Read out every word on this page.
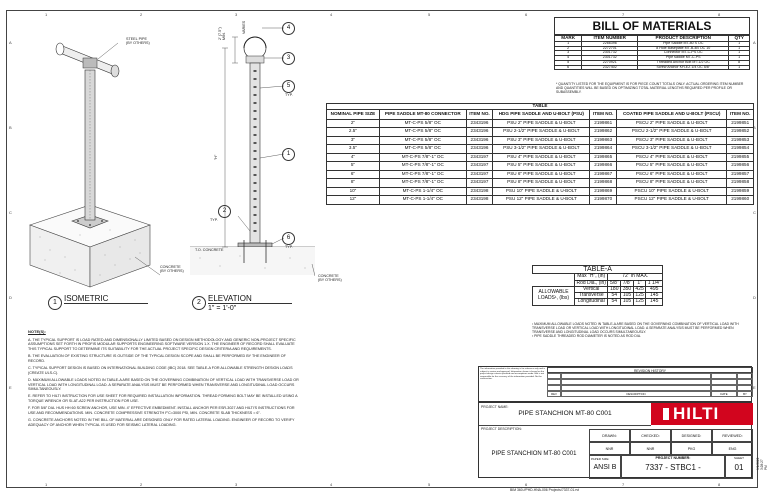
1
1
2
2
3
3
4
4
5
5
6
6
7
7
8
8
A	A
B	B
C	C
D	D
E	E
STEEL PIPE
(BY OTHERS)
CONCRETE
(BY OTHERS)
4
3
5
1
2
6
VARIES
TYP.
TYP.
TYP.
T.O. CONCRETE
2' (7.5")
MIN.
"H"
CONCRETE
(BY OTHERS)
1 ISOMETRIC	2 ELEVATION
1" = 1'-0"
BILL OF MATERIALS
MARK	ITEM NUMBER	PRODUCT DESCRIPTION	QTY
1	2266396	Pipe Saddle MT-80 S OC	1
2	2272701	8 Hole Baseplate MT-B-4B OC 10	1
3	2301732	Connector MT-C-PS OC	1
4	2301732	Pipe saddle MT-C-PS	1
5	2270921	Threaded Anchor Bolt M?-1/2 OC	8
6	2327402	Screw Anchor KH-EZ 1/4 OC 5/8"	1
* QUANTITY LISTED FOR THE EQUIPMENT IS FOR PIECE COUNT TOTALS ONLY. ACTUAL ORDERING ITEM NUMBER AND QUANTITIES WILL BE BASED ON OPTIMIZING TOTAL MATERIAL LENGTHS REQUIRED PER PROFILE OR SUBASSEMBLY.
TABLE						
NOMINAL PIPE SIZE	PIPE SADDLE MT-80 CONNECTOR	ITEM NO.	HDG PIPE SADDLE AND U-BOLT (PSU)	ITEM NO.	COATED PIPE SADDLE AND U-BOLT (PSCU)	ITEM NO.
2"	MT-C-PS 5/8" OC	2343196	PSU 2" PIPE SADDLE & U-BOLT	2199861	PSCU 2" PIPE SADDLE & U-BOLT	2199851
2.5"	MT-C-PS 5/8" OC	2343196	PSU 2-1/2" PIPE SADDLE & U-BOLT	2199862	PSCU 2-1/2" PIPE SADDLE & U-BOLT	2199852
3"	MT-C-PS 5/8" OC	2343196	PSU 3" PIPE SADDLE & U-BOLT	2199863	PSCU 3" PIPE SADDLE & U-BOLT	2199853
3.5"	MT-C-PS 5/8" OC	2343196	PSU 3-1/2" PIPE SADDLE & U-BOLT	2199864	PSCU 3-1/2" PIPE SADDLE & U-BOLT	2199854
4"	MT-C-PS 7/8"-1" OC	2343197	PSU 4" PIPE SADDLE & U-BOLT	2199865	PSCU 4" PIPE SADDLE & U-BOLT	2199855
5"	MT-C-PS 7/8"-1" OC	2343197	PSU 5" PIPE SADDLE & U-BOLT	2199866	PSCU 5" PIPE SADDLE & U-BOLT	2199856
6"	MT-C-PS 7/8"-1" OC	2343197	PSU 6" PIPE SADDLE & U-BOLT	2199867	PSCU 6" PIPE SADDLE & U-BOLT	2199857
8"	MT-C-PS 7/8"-1" OC	2343197	PSU 8" PIPE SADDLE & U-BOLT	2199868	PSCU 8" PIPE SADDLE & U-BOLT	2199858
10"	MT-C-PS 1-1/4" OC	2343198	PSU 10" PIPE SADDLE & U-BOLT	2199869	PSCU 10" PIPE SADDLE & U-BOLT	2199859
12"	MT-C-PS 1-1/4" OC	2343198	PSU 12" PIPE SADDLE & U-BOLT	2199870	PSCU 12" PIPE SADDLE & U-BOLT	2199860
TABLE-A					
	Max "H", (in)	72" in MAX.			
	Rod Dia., (in)	5/8"	7/8"	1"	1 1/4"
ALLOWABLE LOADS¹, (lbs)	Vertical	180	350	425	495
	Transverse	54	105	125	145
	Longitudinal	54	105	125	145
¹ MAXIMUM ALLOWABLE LOADS NOTED IN TABLE-A ARE BASED ON THE GOVERNING COMBINATION OF VERTICAL LOAD WITH TRANSVERSE LOAD OR VERTICAL LOAD WITH LONGITUDINAL LOAD. A SEPARATE ANALYSIS MUST BE PERFORMED WHEN TRANSVERSE AND LONGITUDINAL LOAD OCCURS SIMULTANEOUSLY.
² PIPE SADDLE THREADED ROD DIAMETER IS NOTED AS ROD DIA.
NOTE(S):
A. THE TYPICAL SUPPORT IS LOAD RATED AND DIMENSIONALLY LIMITED BASED ON DESIGN METHODOLOGY AND GENERIC NON-PROJECT SPECIFIC ASSUMPTIONS SET FORTH IN PROFIS MODULAR SUPPORTS ENGINEERING SOFTWARE VERSION 1.X. THE ENGINEER OF RECORD SHALL EVALUATE THIS TYPICAL SUPPORT TO DETERMINE ITS SUITABILITY FOR THE ACTUAL PROJECT SPECIFIC DESIGN CRITERIA AND REQUIREMENTS.
B. THE EVALUATION OF EXISTING STRUCTURE IS OUTSIDE OF THE TYPICAL DESIGN SCOPE AND SHALL BE PERFORMED BY THE ENGINEER OF RECORD.
C. TYPICAL SUPPORT DESIGN IS BASED ON INTERNATIONAL BUILDING CODE (IBC) 2018. SEE TABLE-A FOR ALLOWABLE STRENGTH DESIGN LOADS (CREATE ULS-C).
D. MAXIMUM ALLOWABLE LOADS NOTED IN TABLE-A ARE BASED ON THE GOVERNING COMBINATION OF VERTICAL LOAD WITH TRANSVERSE LOAD OR VERTICAL LOAD WITH LONGITUDINAL LOAD. A SEPARATE ANALYSIS MUST BE PERFORMED WHEN TRANSVERSE AND LONGITUDINAL LOAD OCCURS SIMULTANEOUSLY.
E. REFER TO HILTI INSTRUCTION FOR USE SHEET FOR REQUIRED INSTALLATION INFORMATION. THREAD FORMING BOLT MAY BE INSTALLED USING A TORQUE WRENCH OR SI-AT-A22 PER INSTRUCTION FOR USE.
F. FOR 5/8" DIA. HUS HH 60 SCREW ANCHOR, USE MIN. 4" EFFECTIVE EMBEDMENT. INSTALL ANCHOR PER ESR-3027 AND HILTI'S INSTRUCTIONS FOR USE AND RECOMMENDATIONS. MIN. CONCRETE COMPRESSIVE STRENGTH F'C=3000 PSI, MIN. CONCRETE SLAB THICKNESS = 6".
G. CONCRETE ANCHORS NOTED IN THE BILL OF MATERIAL ARE DESIGNED ONLY FOR RATED LATERAL LOADING. ENGINEER OF RECORD TO VERIFY ADEQUACY OF ANCHOR WHEN TYPICAL IS USED FOR SEISMIC LATERAL LOADING.
The information provided in this drawing is for reference only and is subject to review and approval. Information shown is based on the project design criteria specified and assumptions made. Hilti is not responsible for the accuracy of the information provided. Not for construction.
REVISION HISTORY
REV	DESCRIPTION	DATE	BY
PROJECT NAME:
PIPE STANCHION MT-80 C001
PROJECT DESCRIPTION:
PIPE STANCHION MT-80 C001
HILTI
DRAWN:
NNR
CHECKED:
NNR
DESIGNED:
PKG
REVIEWED:
ENG
PAPER SIZE:
ANSI B
PROJECT NUMBER:
7337 - STBC1 -
SHEET
01
BIM 360://PHD-HNA-006 Projects/7337-01.rvt
9/1/2022 3:28:27 PM
